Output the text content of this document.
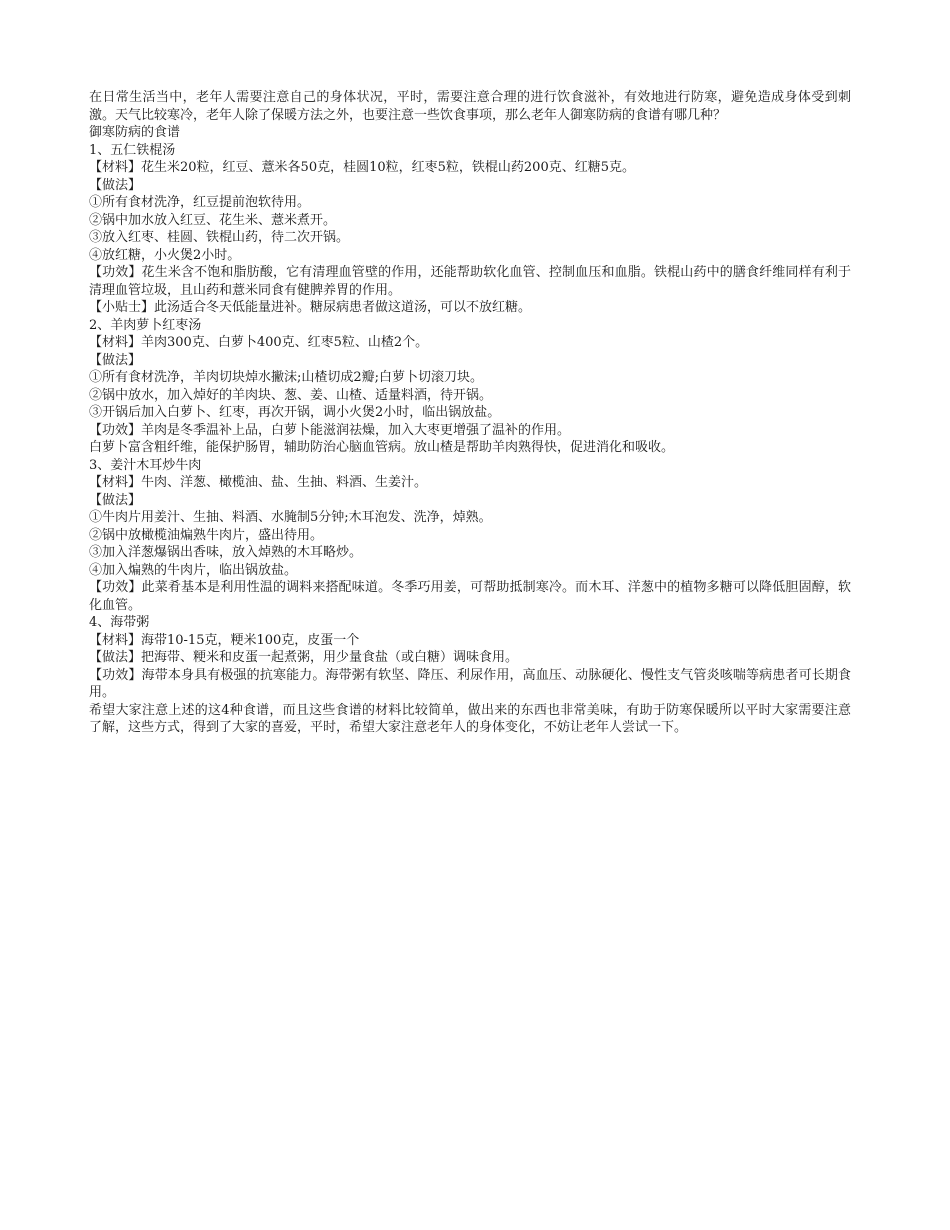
在日常生活当中，老年人需要注意自己的身体状况，平时，需要注意合理的进行饮食滋补，有效地进行防寒，避免造成身体受到刺激。天气比较寒冷，老年人除了保暖方法之外，也要注意一些饮食事项，那么老年人御寒防病的食谱有哪几种？

御寒防病的食谱

1、五仁铁棍汤

【材料】花生米20粒，红豆、薏米各50克，桂圆10粒，红枣5粒，铁棍山药200克、红糖5克。

【做法】

①所有食材洗净，红豆提前泡软待用。

②锅中加水放入红豆、花生米、薏米煮开。

③放入红枣、桂圆、铁棍山药，待二次开锅。

④放红糖，小火煲2小时。

【功效】花生米含不饱和脂肪酸，它有清理血管壁的作用，还能帮助软化血管、控制血压和血脂。铁棍山药中的膳食纤维同样有利于清理血管垃圾，且山药和薏米同食有健脾养胃的作用。

【小贴士】此汤适合冬天低能量进补。糖尿病患者做这道汤，可以不放红糖。

2、羊肉萝卜红枣汤

【材料】羊肉300克、白萝卜400克、红枣5粒、山楂2个。

【做法】

①所有食材洗净，羊肉切块焯水撇沫;山楂切成2瓣;白萝卜切滚刀块。

②锅中放水，加入焯好的羊肉块、葱、姜、山楂、适量料酒，待开锅。

③开锅后加入白萝卜、红枣，再次开锅，调小火煲2小时，临出锅放盐。

【功效】羊肉是冬季温补上品，白萝卜能滋润祛燥，加入大枣更增强了温补的作用。

白萝卜富含粗纤维，能保护肠胃，辅助防治心脑血管病。放山楂是帮助羊肉熟得快，促进消化和吸收。

3、姜汁木耳炒牛肉

【材料】牛肉、洋葱、橄榄油、盐、生抽、料酒、生姜汁。

【做法】

①牛肉片用姜汁、生抽、料酒、水腌制5分钟;木耳泡发、洗净，焯熟。

②锅中放橄榄油煸熟牛肉片，盛出待用。

③加入洋葱爆锅出香味，放入焯熟的木耳略炒。

④加入煸熟的牛肉片，临出锅放盐。

【功效】此菜肴基本是利用性温的调料来搭配味道。冬季巧用姜，可帮助抵制寒冷。而木耳、洋葱中的植物多糖可以降低胆固醇，软化血管。

4、海带粥

【材料】海带10-15克，粳米100克，皮蛋一个

【做法】把海带、粳米和皮蛋一起煮粥，用少量食盐（或白糖）调味食用。

【功效】海带本身具有极强的抗寒能力。海带粥有软坚、降压、利尿作用，高血压、动脉硬化、慢性支气管炎咳喘等病患者可长期食用。

希望大家注意上述的这4种食谱，而且这些食谱的材料比较简单，做出来的东西也非常美味，有助于防寒保暖所以平时大家需要注意了解，这些方式，得到了大家的喜爱，平时，希望大家注意老年人的身体变化，不妨让老年人尝试一下。
